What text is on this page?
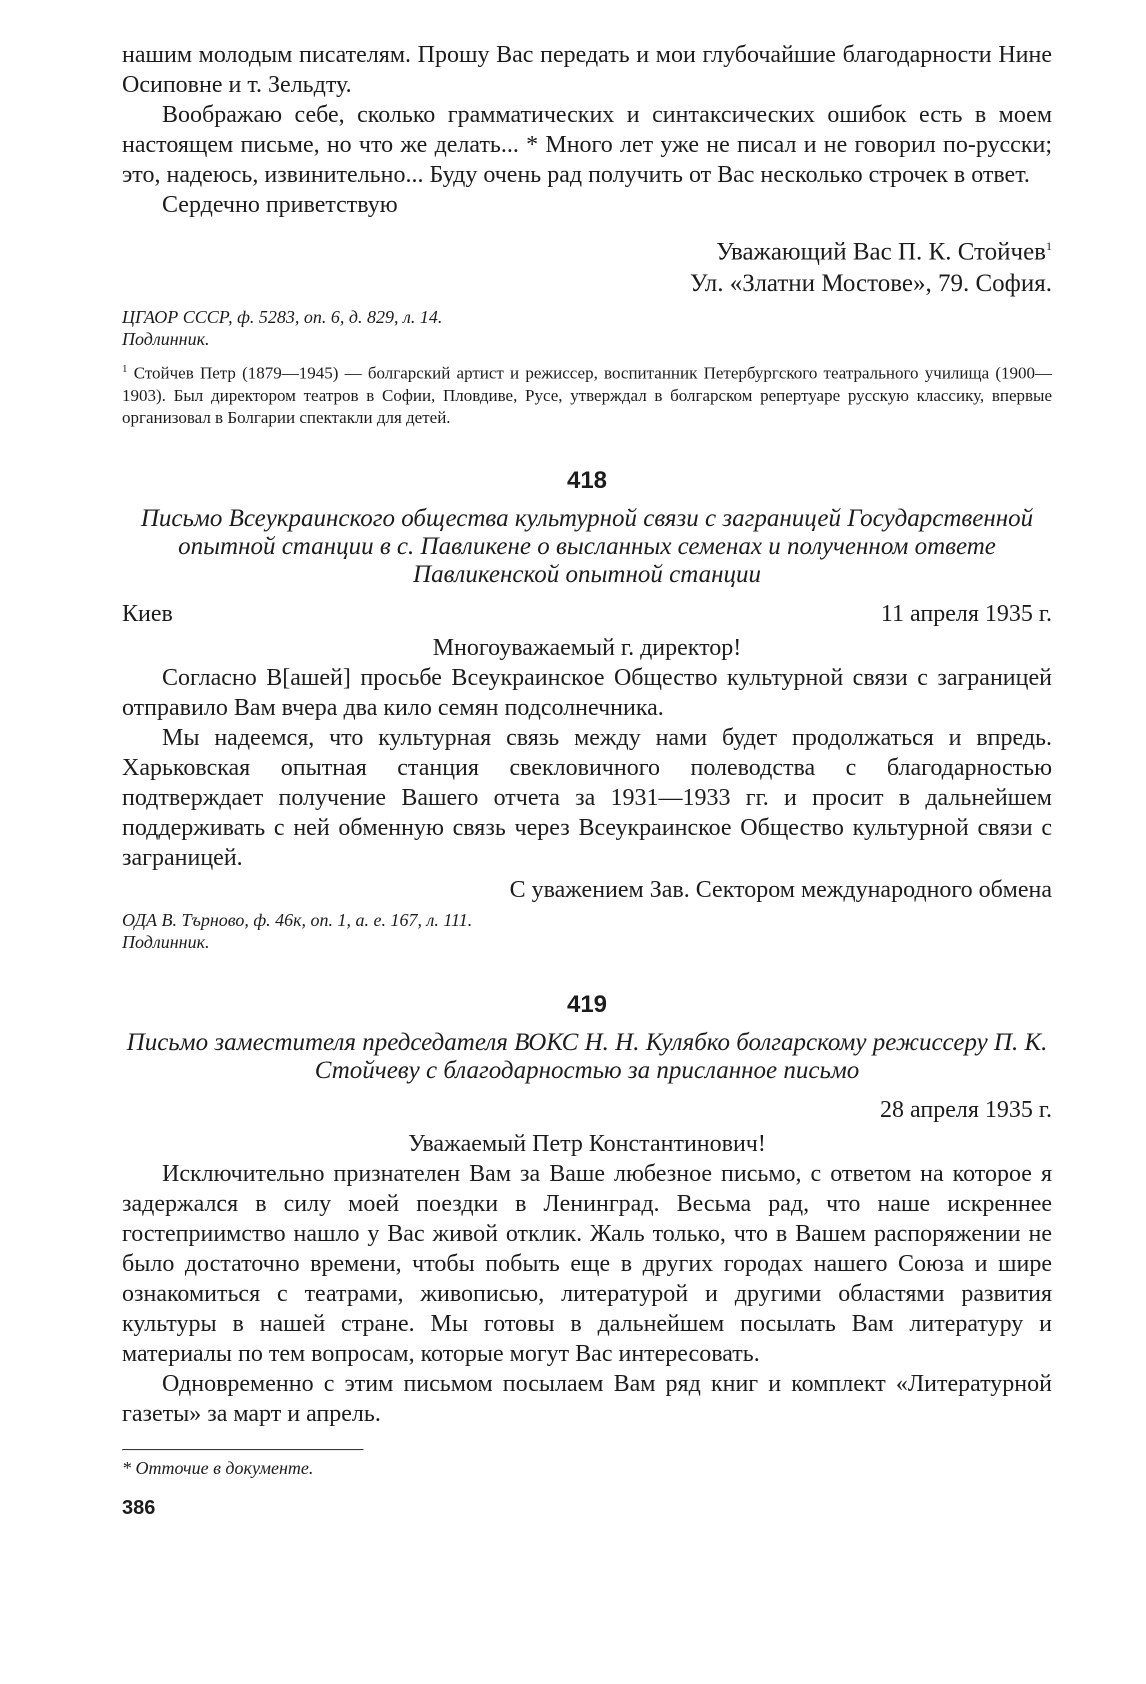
нашим молодым писателям. Прошу Вас передать и мои глубочайшие благодарности Нине Осиповне и т. Зельдту.

Воображаю себе, сколько грамматических и синтаксических ошибок есть в моем настоящем письме, но что же делать... * Много лет уже не писал и не говорил по-русски; это, надеюсь, извинительно... Буду очень рад получить от Вас несколько строчек в ответ.

Сердечно приветствую

Уважающий Вас П. К. Стойчев$^1$

Ул. «Златни Мостове», 79. София.

ЦГАОР СССР, ф. 5283, оп. 6, д. 829, л. 14.

Подлинник.

$^1$ Стойчев Петр (1879—1945) — болгарский артист и режиссер, воспитанник Петербургского театрального училища (1900—1903). Был директором театров в Софии, Пловдиве, Русе, утверждал в болгарском репертуаре русскую классику, впервые организовал в Болгарии спектакли для детей.

418

Письмо Всеукраинского общества культурной связи с заграницей Государственной опытной станции в с. Павликене о высланных семенах и полученном ответе Павликенской опытной станции

Киев	11 апреля 1935 г.

Многоуважаемый г. директор!

Согласно В[ашей] просьбе Всеукраинское Общество культурной связи с заграницей отправило Вам вчера два кило семян подсолнечника.

Мы надеемся, что культурная связь между нами будет продолжаться и впредь. Харьковская опытная станция свекловичного полеводства с благодарностью подтверждает получение Вашего отчета за 1931—1933 гг. и просит в дальнейшем поддерживать с ней обменную связь через Всеукраинское Общество культурной связи с заграницей.

С уважением Зав. Сектором международного обмена

ОДА В. Търново, ф. 46к, оп. 1, а. е. 167, л. 111.

Подлинник.

419

Письмо заместителя председателя ВОКС Н. Н. Кулябко болгарскому режиссеру П. К. Стойчеву с благодарностью за присланное письмо

28 апреля 1935 г.

Уважаемый Петр Константинович!

Исключительно признателен Вам за Ваше любезное письмо, с ответом на которое я задержался в силу моей поездки в Ленинград. Весьма рад, что наше искреннее гостеприимство нашло у Вас живой отклик. Жаль только, что в Вашем распоряжении не было достаточно времени, чтобы побыть еще в других городах нашего Союза и шире ознакомиться с театрами, живописью, литературой и другими областями развития культуры в нашей стране. Мы готовы в дальнейшем посылать Вам литературу и материалы по тем вопросам, которые могут Вас интересовать.

Одновременно с этим письмом посылаем Вам ряд книг и комплект «Литературной газеты» за март и апрель.

* Отточие в документе.

386
